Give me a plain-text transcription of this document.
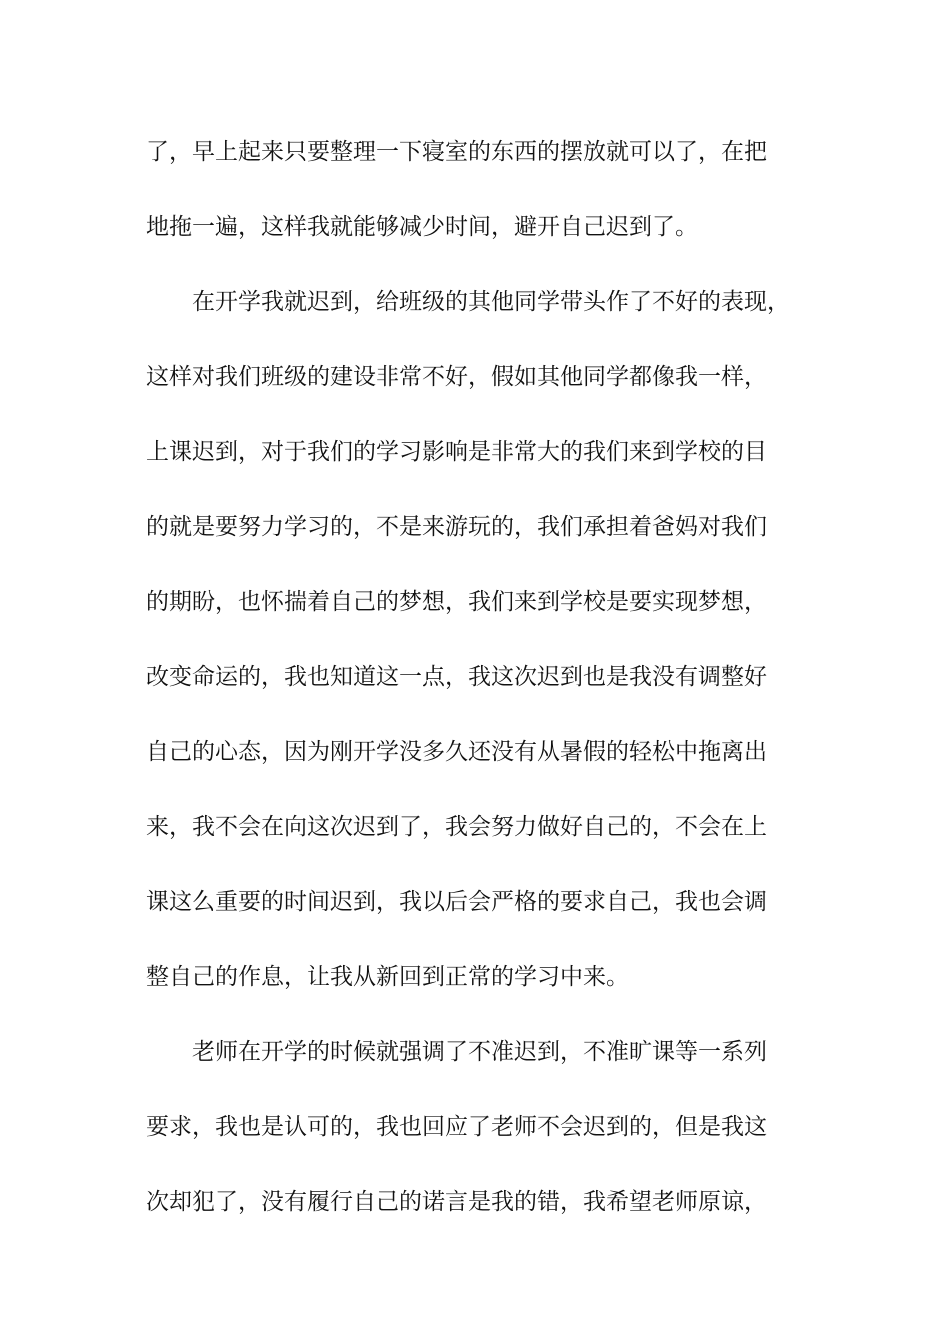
了，早上起来只要整理一下寝室的东西的摆放就可以了，在把
地拖一遍，这样我就能够减少时间，避开自己迟到了。
在开学我就迟到，给班级的其他同学带头作了不好的表现，
这样对我们班级的建设非常不好，假如其他同学都像我一样，
上课迟到，对于我们的学习影响是非常大的我们来到学校的目
的就是要努力学习的，不是来游玩的，我们承担着爸妈对我们
的期盼，也怀揣着自己的梦想，我们来到学校是要实现梦想，
改变命运的，我也知道这一点，我这次迟到也是我没有调整好
自己的心态，因为刚开学没多久还没有从暑假的轻松中拖离出
来，我不会在向这次迟到了，我会努力做好自己的，不会在上
课这么重要的时间迟到，我以后会严格的要求自己，我也会调
整自己的作息，让我从新回到正常的学习中来。
老师在开学的时候就强调了不准迟到，不准旷课等一系列
要求，我也是认可的，我也回应了老师不会迟到的，但是我这
次却犯了，没有履行自己的诺言是我的错，我希望老师原谅，
